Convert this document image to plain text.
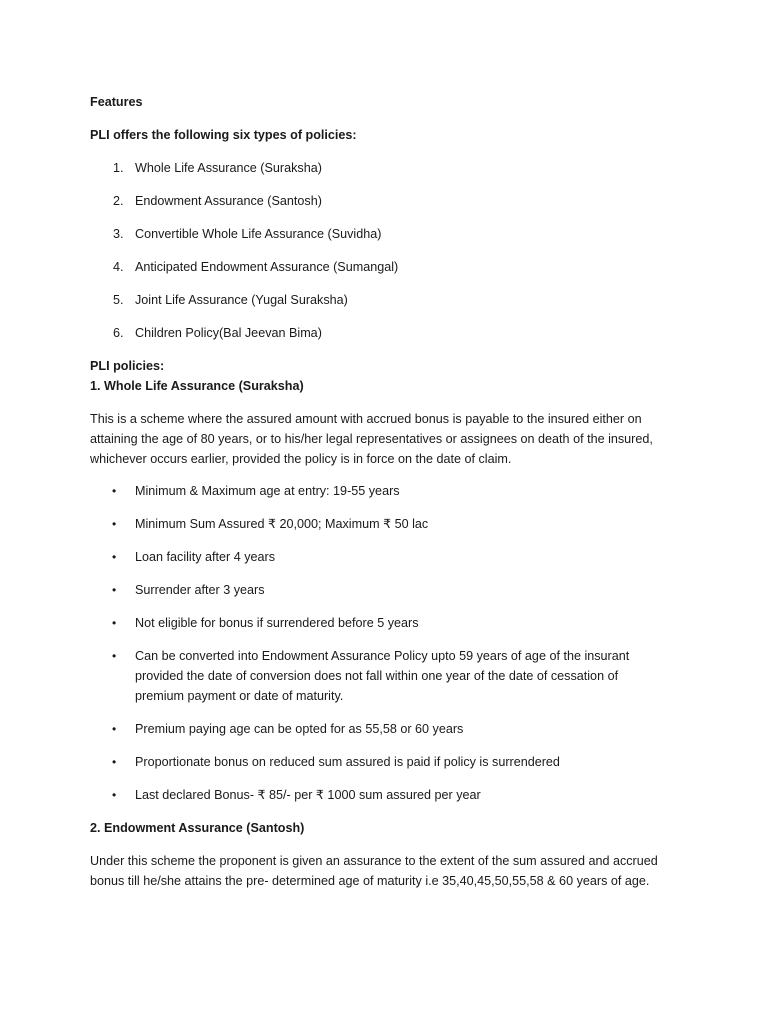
Features
PLI offers the following six types of policies:
1. Whole Life Assurance (Suraksha)
2. Endowment Assurance (Santosh)
3. Convertible Whole Life Assurance (Suvidha)
4. Anticipated Endowment Assurance (Sumangal)
5. Joint Life Assurance (Yugal Suraksha)
6. Children Policy(Bal Jeevan Bima)
PLI policies:
1. Whole Life Assurance (Suraksha)

This is a scheme where the assured amount with accrued bonus is payable to the insured either on attaining the age of 80 years, or to his/her legal representatives or assignees on death of the insured, whichever occurs earlier, provided the policy is in force on the date of claim.

• Minimum & Maximum age at entry: 19-55 years
• Minimum Sum Assured ₹ 20,000; Maximum ₹ 50 lac
• Loan facility after 4 years
• Surrender after 3 years
• Not eligible for bonus if surrendered before 5 years
• Can be converted into Endowment Assurance Policy upto 59 years of age of the insurant provided the date of conversion does not fall within one year of the date of cessation of premium payment or date of maturity.
• Premium paying age can be opted for as 55,58 or 60 years
• Proportionate bonus on reduced sum assured is paid if policy is surrendered
• Last declared Bonus- ₹ 85/- per ₹ 1000 sum assured per year
2. Endowment Assurance (Santosh)

Under this scheme the proponent is given an assurance to the extent of the sum assured and accrued bonus till he/she attains the pre- determined age of maturity i.e 35,40,45,50,55,58 & 60 years of age.
